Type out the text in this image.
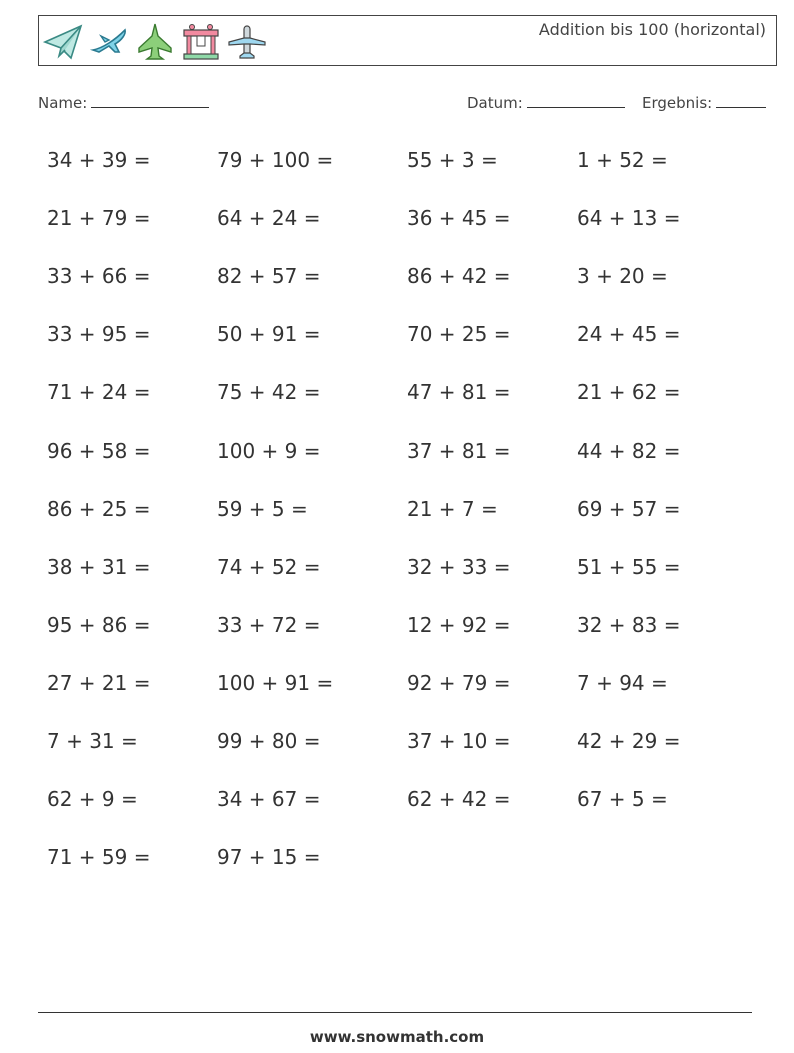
Addition bis 100 (horizontal)
Name:	Datum:	Ergebnis:
34 + 39 =	79 + 100 =	55 + 3 =	1 + 52 =
21 + 79 =	64 + 24 =	36 + 45 =	64 + 13 =
33 + 66 =	82 + 57 =	86 + 42 =	3 + 20 =
33 + 95 =	50 + 91 =	70 + 25 =	24 + 45 =
71 + 24 =	75 + 42 =	47 + 81 =	21 + 62 =
96 + 58 =	100 + 9 =	37 + 81 =	44 + 82 =
86 + 25 =	59 + 5 =	21 + 7 =	69 + 57 =
38 + 31 =	74 + 52 =	32 + 33 =	51 + 55 =
95 + 86 =	33 + 72 =	12 + 92 =	32 + 83 =
27 + 21 =	100 + 91 =	92 + 79 =	7 + 94 =
7 + 31 =	99 + 80 =	37 + 10 =	42 + 29 =
62 + 9 =	34 + 67 =	62 + 42 =	67 + 5 =
71 + 59 =	97 + 15 =
www.snowmath.com
